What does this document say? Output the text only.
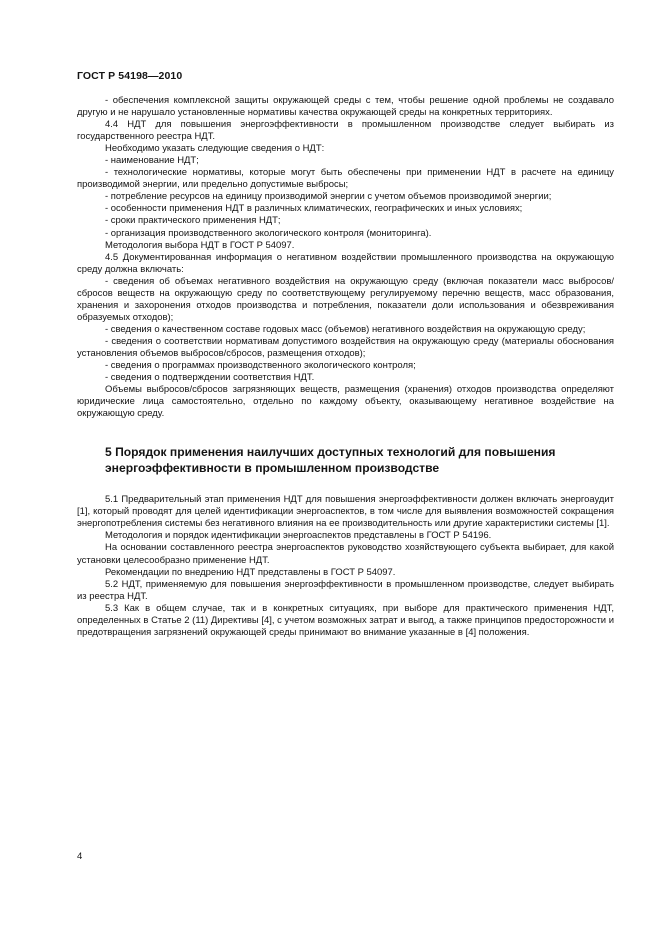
ГОСТ Р 54198—2010

- обеспечения комплексной защиты окружающей среды с тем, чтобы решение одной проблемы не создавало другую и не нарушало установленные нормативы качества окружающей среды на конкретных территориях.

4.4 НДТ для повышения энергоэффективности в промышленном производстве следует выбирать из государственного реестра НДТ.

Необходимо указать следующие сведения о НДТ:

- наименование НДТ;

- технологические нормативы, которые могут быть обеспечены при применении НДТ в расчете на единицу производимой энергии, или предельно допустимые выбросы;

- потребление ресурсов на единицу производимой энергии с учетом объемов производимой энергии;

- особенности применения НДТ в различных климатических, географических и иных условиях;

- сроки практического применения НДТ;

- организация производственного экологического контроля (мониторинга).

Методология выбора НДТ в ГОСТ Р 54097.

4.5 Документированная информация о негативном воздействии промышленного производства на окружающую среду должна включать:

- сведения об объемах негативного воздействия на окружающую среду (включая показатели масс выбросов/сбросов веществ на окружающую среду по соответствующему регулируемому перечню веществ, масс образования, хранения и захоронения отходов производства и потребления, показатели доли использования и обезвреживания образуемых отходов);

- сведения о качественном составе годовых масс (объемов) негативного воздействия на окружающую среду;

- сведения о соответствии нормативам допустимого воздействия на окружающую среду (материалы обоснования установления объемов выбросов/сбросов, размещения отходов);

- сведения о программах производственного экологического контроля;

- сведения о подтверждении соответствия НДТ.

Объемы выбросов/сбросов загрязняющих веществ, размещения (хранения) отходов производства определяют юридические лица самостоятельно, отдельно по каждому объекту, оказывающему негативное воздействие на окружающую среду.

5 Порядок применения наилучших доступных технологий для повышения энергоэффективности в промышленном производстве

5.1 Предварительный этап применения НДТ для повышения энергоэффективности должен включать энергоаудит [1], который проводят для целей идентификации энергоаспектов, в том числе для выявления возможностей сокращения энергопотребления системы без негативного влияния на ее производительность или другие характеристики системы [1].

Методология и порядок идентификации энергоаспектов представлены в ГОСТ Р 54196.

На основании составленного реестра энергоаспектов руководство хозяйствующего субъекта выбирает, для какой установки целесообразно применение НДТ.

Рекомендации по внедрению НДТ представлены в ГОСТ Р 54097.

5.2 НДТ, применяемую для повышения энергоэффективности в промышленном производстве, следует выбирать из реестра НДТ.

5.3 Как в общем случае, так и в конкретных ситуациях, при выборе для практического применения НДТ, определенных в Статье 2 (11) Директивы [4], с учетом возможных затрат и выгод, а также принципов предосторожности и предотвращения загрязнений окружающей среды принимают во внимание указанные в [4] положения.

4
